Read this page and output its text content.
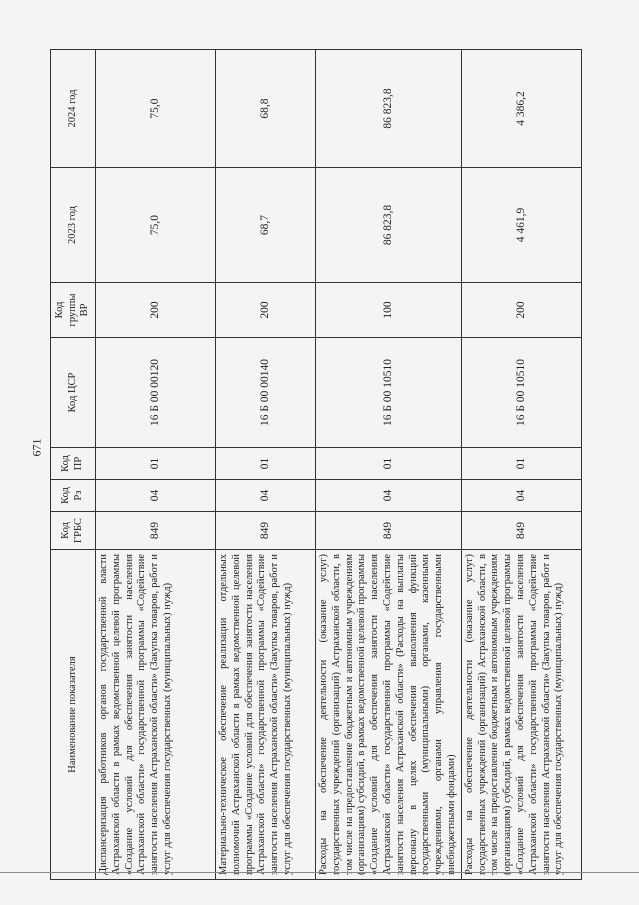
671
Наименование показателя	Код ГРБС	Код Рз	Код ПР	Код ЦСР	Код группы ВР	2023 год	2024 год
Диспансеризация работников органов государственной власти Астраханской области в рамках ведомственной целевой программы «Создание условий для обеспечения занятости населения Астраханской области» государственной программы «Содействие занятости населения Астраханской области» (Закупка товаров, работ и услуг для обеспечения государственных (муниципальных) нужд)	849	04	01	16 Б 00 00120	200	75,0	75,0
Материально-техническое обеспечение реализации отдельных полномочий Астраханской области в рамках ведомственной целевой программы «Создание условий для обеспечения занятости населения Астраханской области» государственной программы «Содействие занятости населения Астраханской области» (Закупка товаров, работ и услуг для обеспечения государственных (муниципальных) нужд)	849	04	01	16 Б 00 00140	200	68,7	68,8
Расходы на обеспечение деятельности (оказание услуг) государственных учреждений (организаций) Астраханской области, в том числе на предоставление бюджетным и автономным учреждениям (организациям) субсидий, в рамках ведомственной целевой программы «Создание условий для обеспечения занятости населения Астраханской области» государственной программы «Содействие занятости населения Астраханской области» (Расходы на выплаты персоналу в целях обеспечения выполнения функций государственными (муниципальными) органами, казенными учреждениями, органами управления государственными внебюджетными фондами)	849	04	01	16 Б 00 10510	100	86 823,8	86 823,8
Расходы на обеспечение деятельности (оказание услуг) государственных учреждений (организаций) Астраханской области, в том числе на предоставление бюджетным и автономным учреждениям (организациям) субсидий, в рамках ведомственной целевой программы «Создание условий для обеспечения занятости населения Астраханской области» государственной программы «Содействие занятости населения Астраханской области» (Закупка товаров, работ и услуг для обеспечения государственных (муниципальных) нужд)	849	04	01	16 Б 00 10510	200	4 461,9	4 386,2
